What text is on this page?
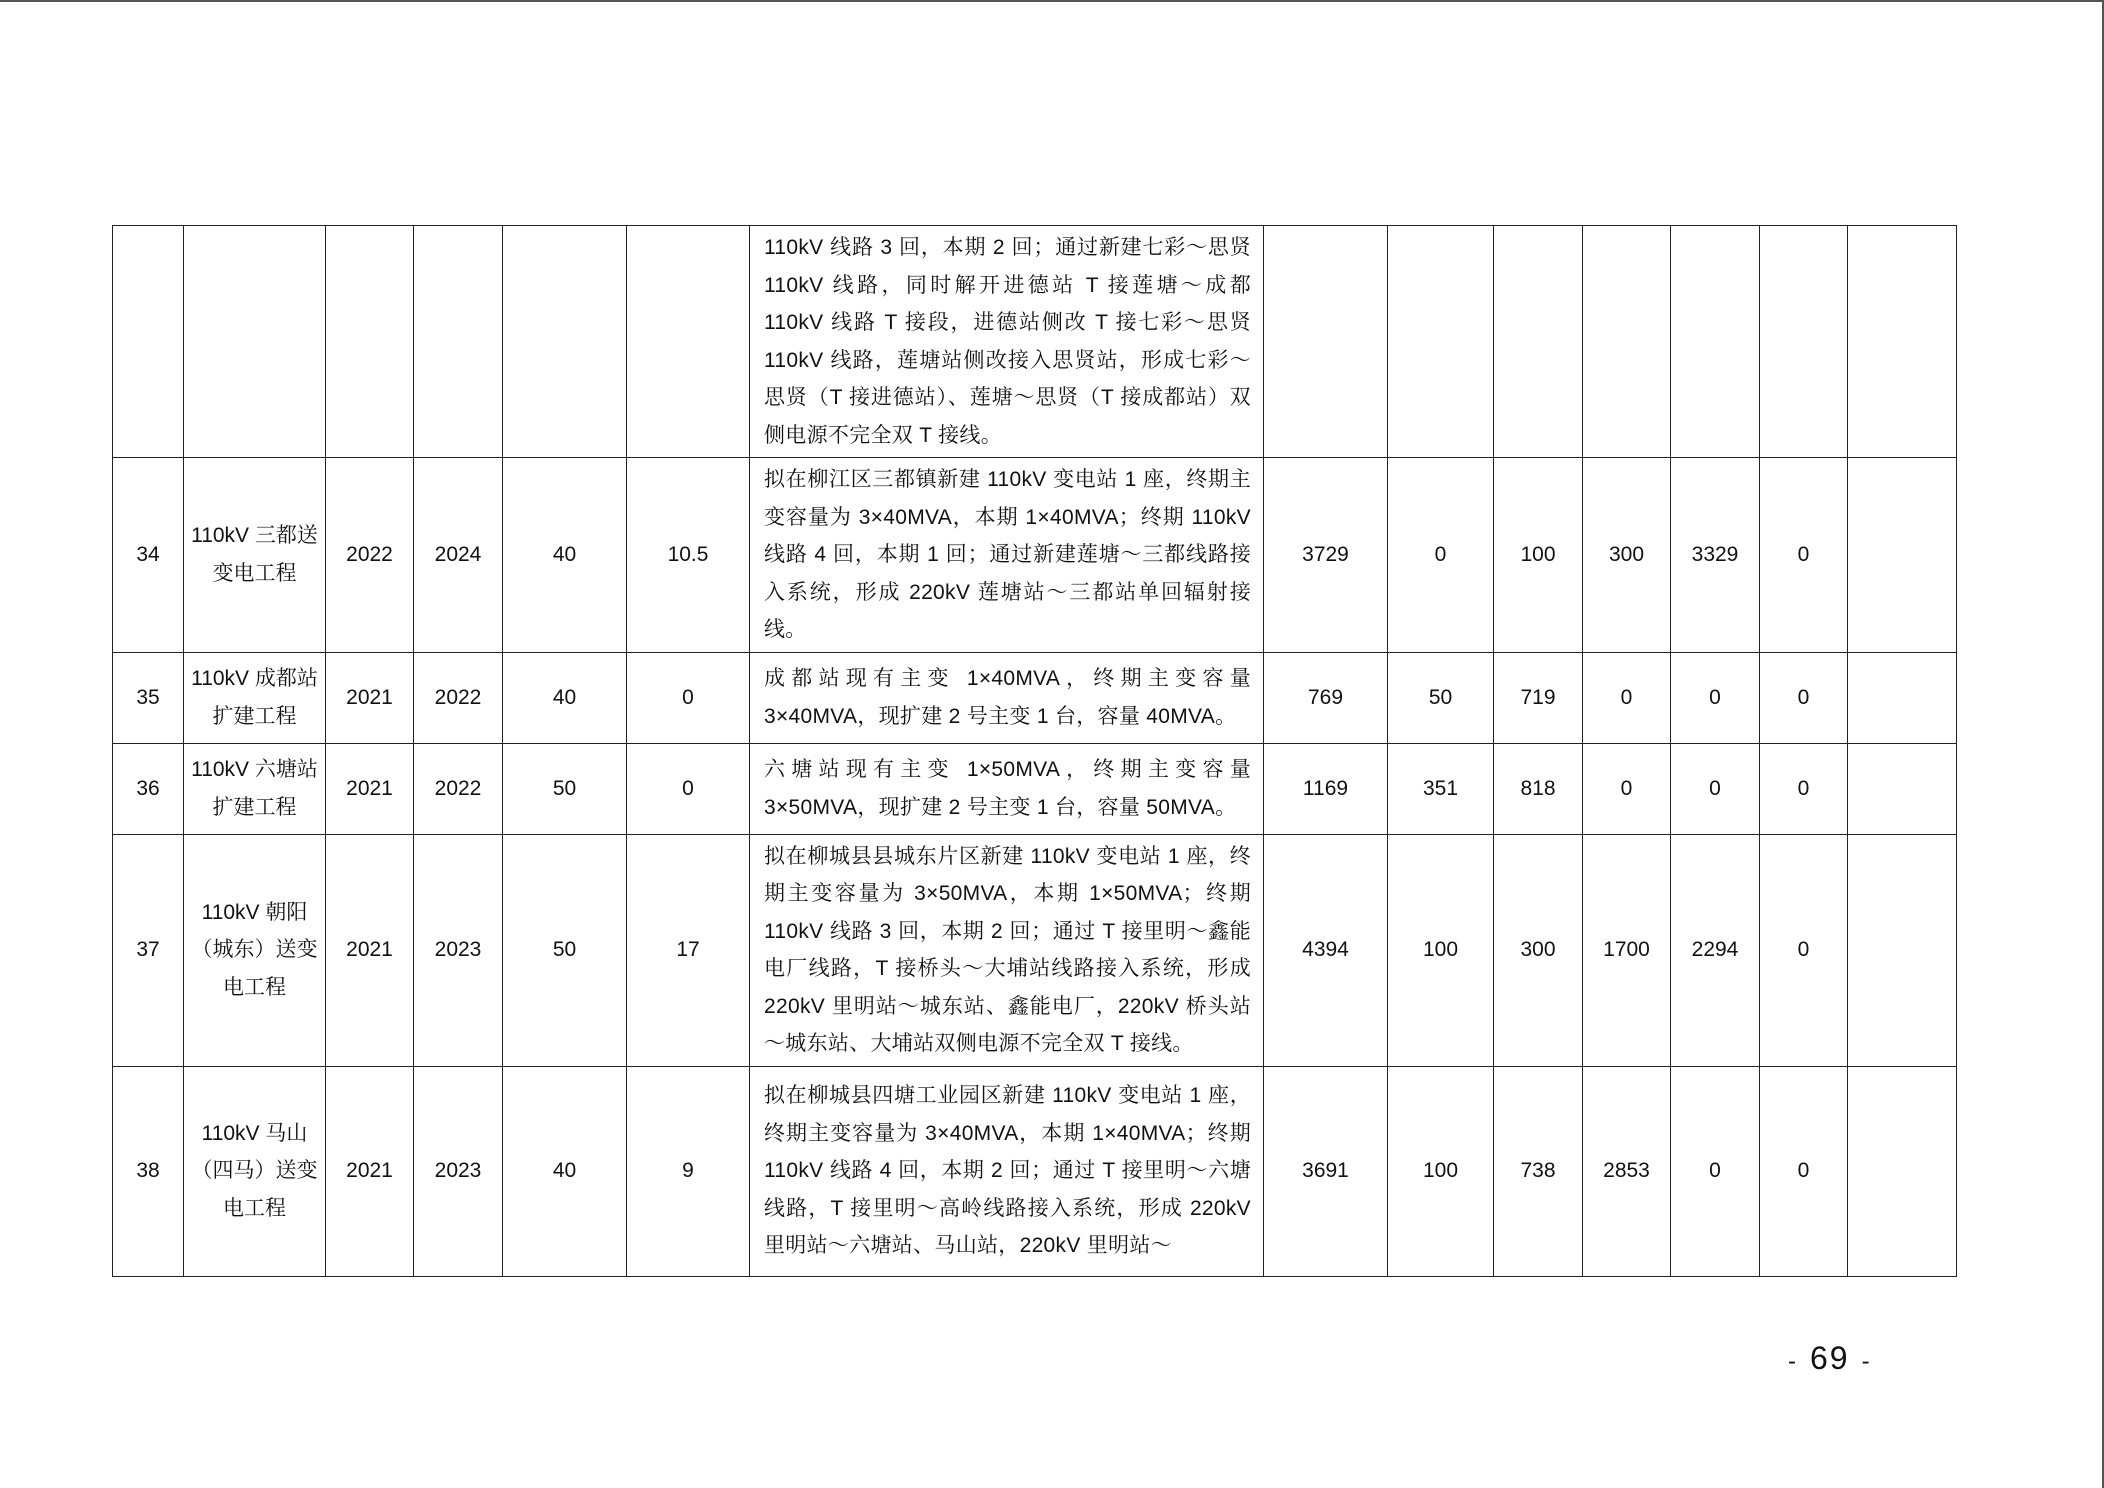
						110kV 线路 3 回，本期 2 回；通过新建七彩～思贤 110kV 线路，同时解开进德站 T 接莲塘～成都 110kV 线路 T 接段，进德站侧改 T 接七彩～思贤 110kV 线路，莲塘站侧改接入思贤站，形成七彩～思贤（T 接进德站）、莲塘～思贤（T 接成都站）双侧电源不完全双 T 接线。							
34	110kV 三都送变电工程	2022	2024	40	10.5	拟在柳江区三都镇新建 110kV 变电站 1 座，终期主变容量为 3×40MVA，本期 1×40MVA；终期 110kV 线路 4 回，本期 1 回；通过新建莲塘～三都线路接入系统，形成 220kV 莲塘站～三都站单回辐射接线。	3729	0	100	300	3329	0	
35	110kV 成都站扩建工程	2021	2022	40	0	成都站现有主变 1×40MVA，终期主变容量 3×40MVA，现扩建 2 号主变 1 台，容量 40MVA。	769	50	719	0	0	0	
36	110kV 六塘站扩建工程	2021	2022	50	0	六塘站现有主变 1×50MVA，终期主变容量 3×50MVA，现扩建 2 号主变 1 台，容量 50MVA。	1169	351	818	0	0	0	
37	110kV 朝阳（城东）送变电工程	2021	2023	50	17	拟在柳城县县城东片区新建 110kV 变电站 1 座，终期主变容量为 3×50MVA，本期 1×50MVA；终期 110kV 线路 3 回，本期 2 回；通过 T 接里明～鑫能电厂线路，T 接桥头～大埔站线路接入系统，形成 220kV 里明站～城东站、鑫能电厂，220kV 桥头站～城东站、大埔站双侧电源不完全双 T 接线。	4394	100	300	1700	2294	0	
38	110kV 马山（四马）送变电工程	2021	2023	40	9	拟在柳城县四塘工业园区新建 110kV 变电站 1 座，终期主变容量为 3×40MVA，本期 1×40MVA；终期 110kV 线路 4 回，本期 2 回；通过 T 接里明～六塘线路，T 接里明～高岭线路接入系统，形成 220kV 里明站～六塘站、马山站，220kV 里明站～	3691	100	738	2853	0	0	
- 69 -
